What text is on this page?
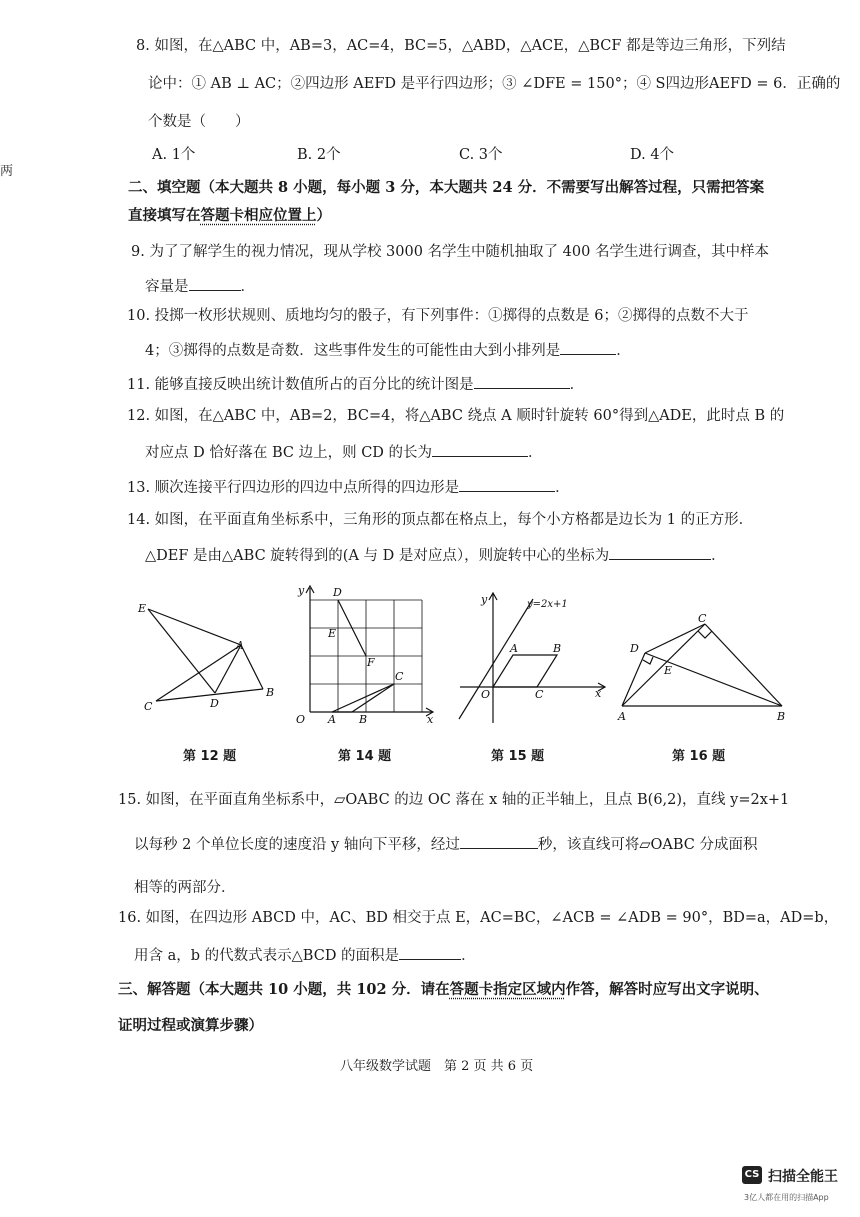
两
8. 如图，在△ABC 中，AB=3，AC=4，BC=5，△ABD，△ACE，△BCF 都是等边三角形，下列结
论中：① AB ⊥ AC；②四边形 AEFD 是平行四边形；③ ∠DFE = 150°；④ S四边形AEFD = 6．正确的
个数是（　　）
A. 1个	B. 2个	C. 3个	D. 4个
二、填空题（本大题共 8 小题，每小题 3 分，本大题共 24 分．不需要写出解答过程，只需把答案
直接填写在答题卡相应位置上）
9. 为了了解学生的视力情况，现从学校 3000 名学生中随机抽取了 400 名学生进行调查，其中样本
容量是	．
10. 投掷一枚形状规则、质地均匀的骰子，有下列事件：①掷得的点数是 6；②掷得的点数不大于
4；③掷得的点数是奇数．这些事件发生的可能性由大到小排列是	．
11. 能够直接反映出统计数值所占的百分比的统计图是	．
12. 如图，在△ABC 中，AB=2，BC=4，将△ABC 绕点 A 顺时针旋转 60°得到△ADE，此时点 B 的
对应点 D 恰好落在 BC 边上，则 CD 的长为	．
13. 顺次连接平行四边形的四边中点所得的四边形是	．
14. 如图，在平面直角坐标系中，三角形的顶点都在格点上，每个小方格都是边长为 1 的正方形．
△DEF 是由△ABC 旋转得到的(A 与 D 是对应点），则旋转中心的坐标为	．
E
A
C	D
B
y	D
E
F
C
O A B	x
y	y=2x+1
A	B
O	C	x
C
D
E
A	B
第 12 题	第 14 题	第 15 题	第 16 题
15. 如图，在平面直角坐标系中，▱OABC 的边 OC 落在 x 轴的正半轴上，且点 B(6,2)，直线 y=2x+1
以每秒 2 个单位长度的速度沿 y 轴向下平移，经过	秒，该直线可将▱OABC 分成面积
相等的两部分．
16. 如图，在四边形 ABCD 中，AC、BD 相交于点 E，AC=BC，∠ACB = ∠ADB = 90°，BD=a，AD=b，
用含 a，b 的代数式表示△BCD 的面积是	．
三、解答题（本大题共 10 小题，共 102 分．请在答题卡指定区域内作答，解答时应写出文字说明、
证明过程或演算步骤）
八年级数学试题　第 2 页 共 6 页
CS 扫描全能王
3亿人都在用的扫描App
